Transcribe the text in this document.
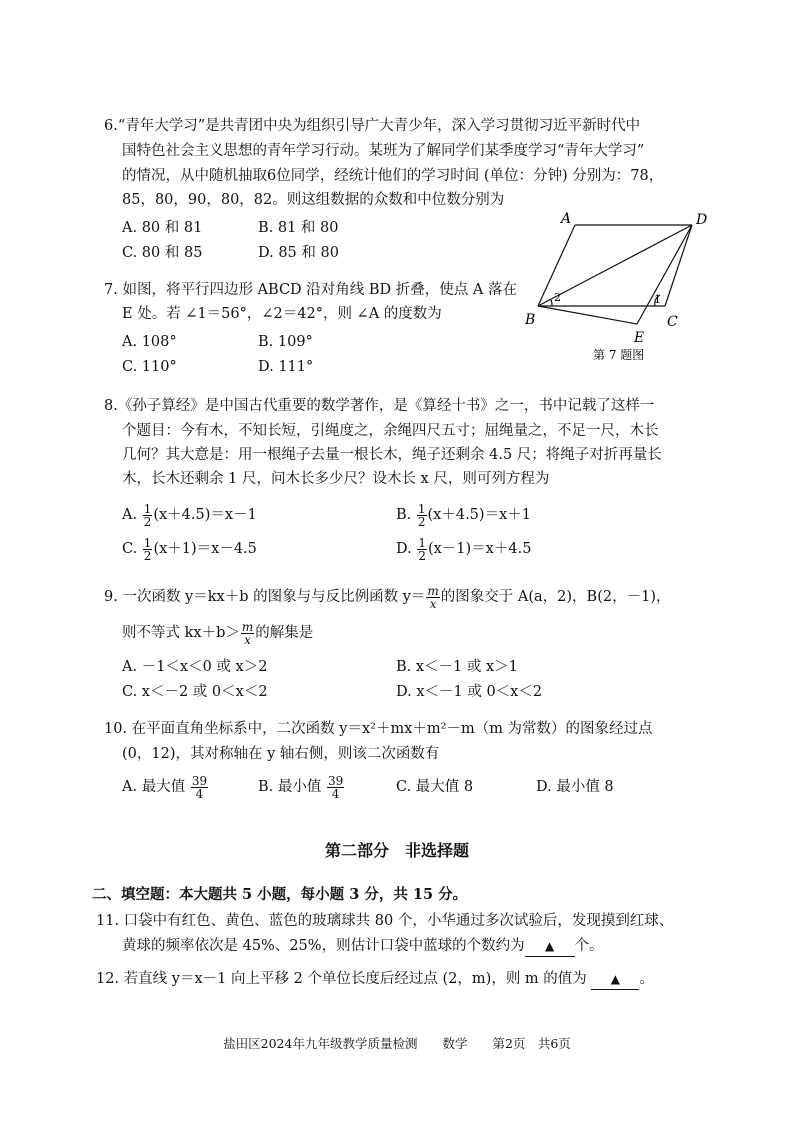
6.“青年大学习”是共青团中央为组织引导广大青少年，深入学习贯彻习近平新时代中
国特色社会主义思想的青年学习行动。某班为了解同学们某季度学习“青年大学习”
的情况，从中随机抽取6位同学，经统计他们的学习时间 (单位：分钟) 分别为：78，
85，80，90，80，82。则这组数据的众数和中位数分别为
A. 80 和 81	B. 81 和 80
C. 80 和 85	D. 85 和 80
7. 如图，将平行四边形 ABCD 沿对角线 BD 折叠，使点 A 落在
E 处。若 ∠1＝56°，∠2＝42°，则 ∠A 的度数为
A. 108°	B. 109°
C. 110°	D. 111°
A	D
B	C
E
1
2
第 7 题图
8.《孙子算经》是中国古代重要的数学著作，是《算经十书》之一，书中记载了这样一
个题目：今有木，不知长短，引绳度之，余绳四尺五寸；屈绳量之，不足一尺，木长
几何？其大意是：用一根绳子去量一根长木，绳子还剩余 4.5 尺；将绳子对折再量长
木，长木还剩余 1 尺，问木长多少尺？设木长 x 尺，则可列方程为
A. $\frac{1}{2} (x+4.5)=x-1$	B. $\frac{1}{2} (x+4.5)=x+1$
C. $\frac{1}{2} (x+1)=x-4.5$	D. $\frac{1}{2} (x-1)=x+4.5$
9. 一次函数 y＝kx＋b 的图象与与反比例函数 $y= \frac{m}{x}$ 的图象交于 A(a，2)，B(2，－1)，
则不等式 $kx+b> \frac{m}{x}$ 的解集是
A. －1＜x＜0 或 x＞2	B. x＜－1 或 x＞1
C. x＜－2 或 0＜x＜2	D. x＜－1 或 0＜x＜2
10. 在平面直角坐标系中，二次函数 y＝x²＋mx＋m²－m（m 为常数）的图象经过点
(0，12)，其对称轴在 y 轴右侧，则该二次函数有
A. 最大值 $\frac{39}{4}$	B. 最小值 $\frac{39}{4}$	C. 最大值 8	D. 最小值 8
第二部分　非选择题
二、填空题：本大题共 5 小题，每小题 3 分，共 15 分。
11. 口袋中有红色、黄色、蓝色的玻璃球共 80 个，小华通过多次试验后，发现摸到红球、
黄球的频率依次是 45%、25%，则估计口袋中蓝球的个数约为 ▲ 个。
12. 若直线 y＝x－1 向上平移 2 个单位长度后经过点 (2，m)，则 m 的值为 ▲ 。
盐田区2024年九年级教学质量检测　　数学　　第2页　共6页
